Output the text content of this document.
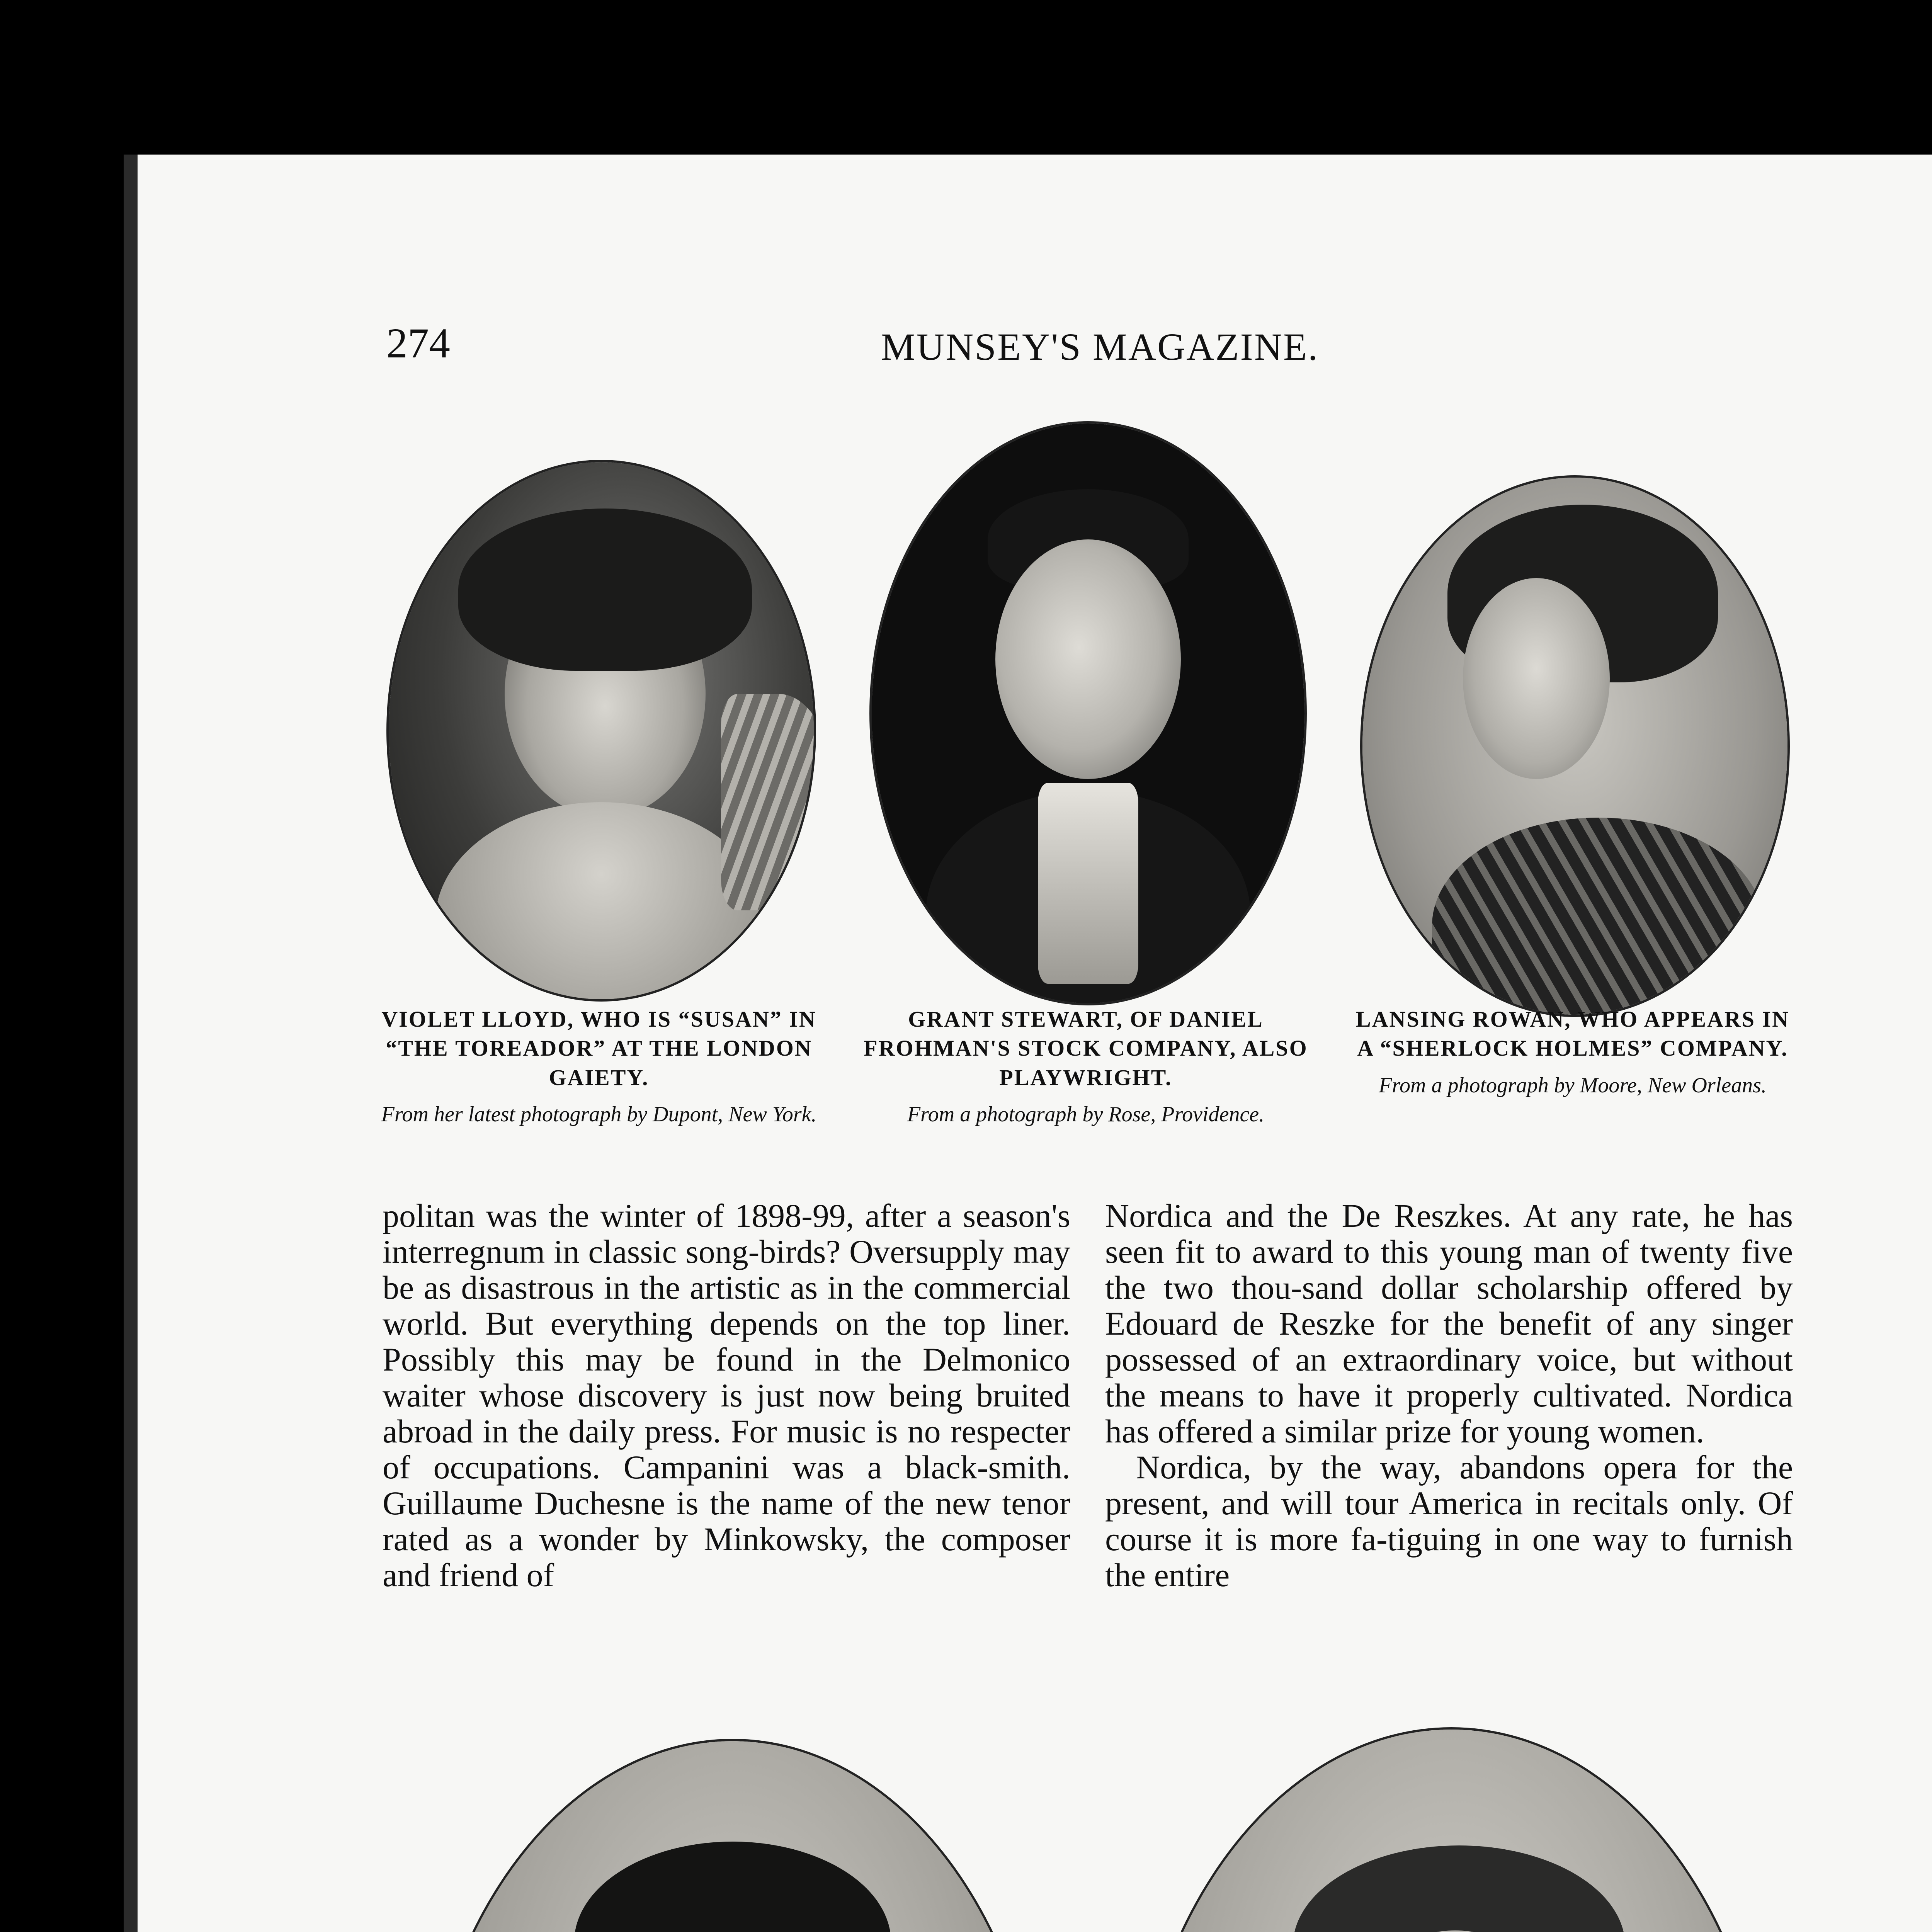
274	MUNSEY'S MAGAZINE.
VIOLET LLOYD, WHO IS “SUSAN” IN “THE TOREADOR” AT THE LONDON GAIETY.
From her latest photograph by Dupont, New York.
GRANT STEWART, OF DANIEL FROHMAN'S STOCK COMPANY, ALSO PLAYWRIGHT.
From a photograph by Rose, Providence.
LANSING ROWAN, WHO APPEARS IN A “SHERLOCK HOLMES” COMPANY.
From a photograph by Moore, New Orleans.

politan was the winter of 1898-99, after a season's interregnum in classic song-birds? Oversupply may be as disastrous in the artistic as in the commercial world. But everything depends on the top liner. Possibly this may be found in the Delmonico waiter whose discovery is just now being bruited abroad in the daily press. For music is no respecter of occupations. Campanini was a black-smith. Guillaume Duchesne is the name of the new tenor rated as a wonder by Minkowsky, the composer and friend of

Nordica and the De Reszkes. At any rate, he has seen fit to award to this young man of twenty five the two thou-sand dollar scholarship offered by Edouard de Reszke for the benefit of any singer possessed of an extraordinary voice, but without the means to have it properly cultivated. Nordica has offered a similar prize for young women.

Nordica, by the way, abandons opera for the present, and will tour America in recitals only. Of course it is more fa-tiguing in one way to furnish the entire
